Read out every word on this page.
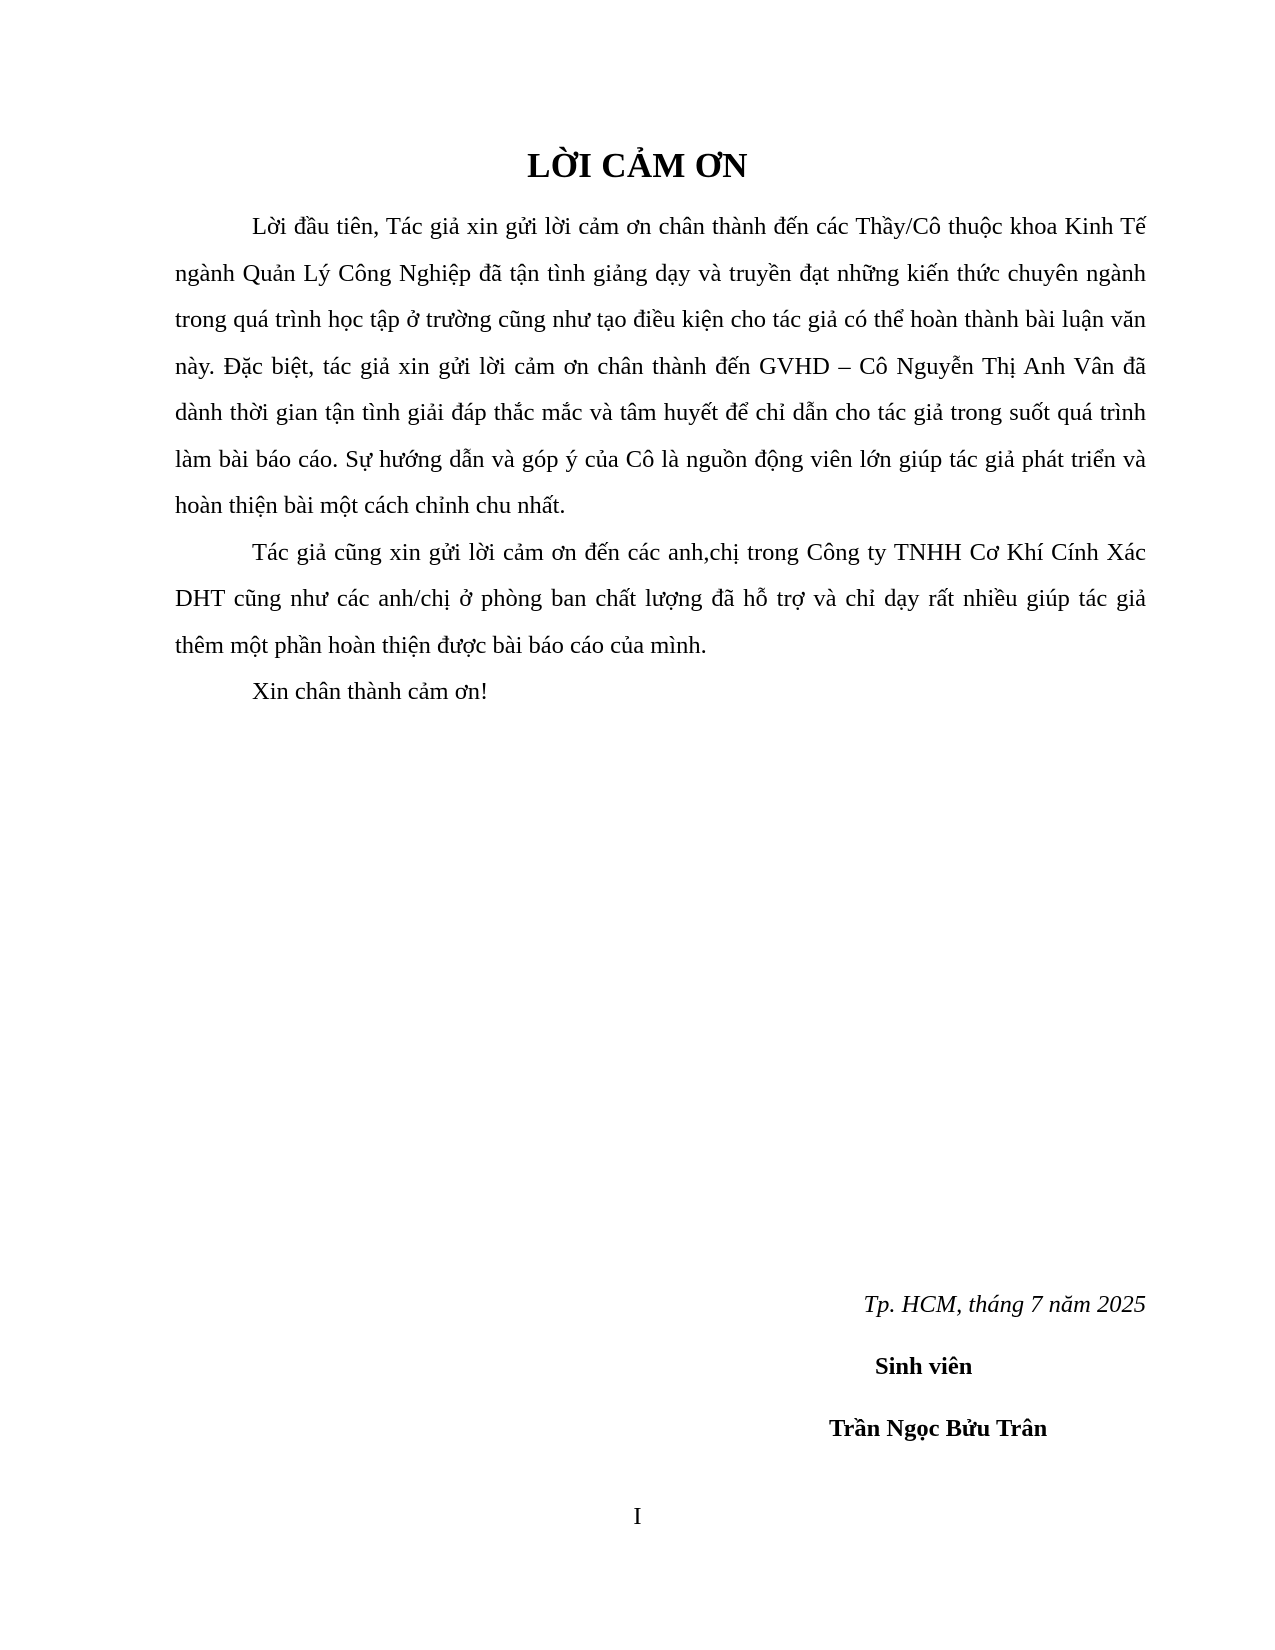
LỜI CẢM ƠN

Lời đầu tiên, Tác giả xin gửi lời cảm ơn chân thành đến các Thầy/Cô thuộc khoa Kinh Tế ngành Quản Lý Công Nghiệp đã tận tình giảng dạy và truyền đạt những kiến thức chuyên ngành trong quá trình học tập ở trường cũng như tạo điều kiện cho tác giả có thể hoàn thành bài luận văn này. Đặc biệt, tác giả xin gửi lời cảm ơn chân thành đến GVHD – Cô Nguyễn Thị Anh Vân đã dành thời gian tận tình giải đáp thắc mắc và tâm huyết để chỉ dẫn cho tác giả trong suốt quá trình làm bài báo cáo. Sự hướng dẫn và góp ý của Cô là nguồn động viên lớn giúp tác giả phát triển và hoàn thiện bài một cách chỉnh chu nhất.

Tác giả cũng xin gửi lời cảm ơn đến các anh,chị trong Công ty TNHH Cơ Khí Cính Xác DHT cũng như các anh/chị ở phòng ban chất lượng đã hỗ trợ và chỉ dạy rất nhiều giúp tác giả thêm một phần hoàn thiện được bài báo cáo của mình.

Xin chân thành cảm ơn!

Tp. HCM, tháng 7 năm 2025

Sinh viên

Trần Ngọc Bửu Trân

I
